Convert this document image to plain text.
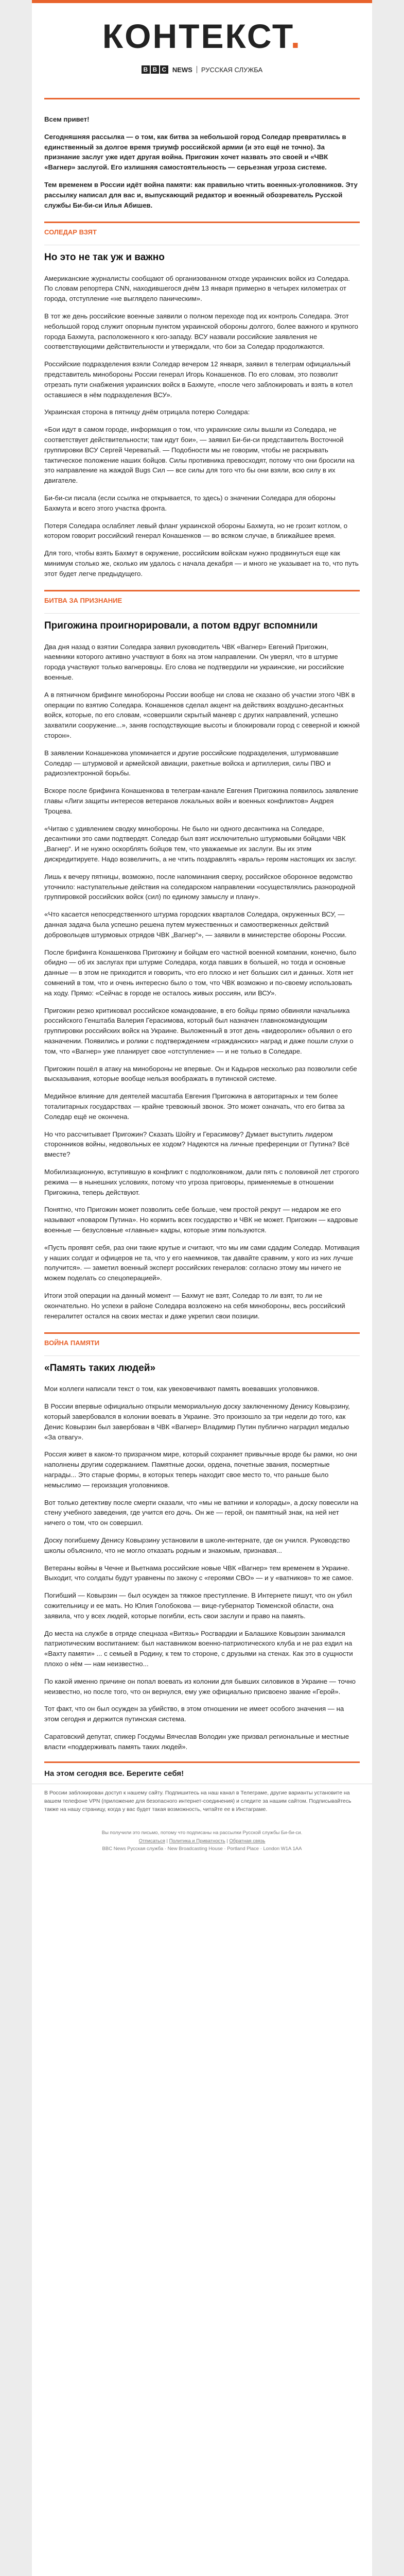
КОНТЕКСТ.
B B C NEWS РУССКАЯ СЛУЖБА

Всем привет!

Сегодняшняя рассылка — о том, как битва за небольшой город Соледар превратилась в единственный за долгое время триумф российской армии (и это ещё не точно). За признание заслуг уже идет другая война. Пригожин хочет назвать это своей и «ЧВК «Вагнер» заслугой. Его излишняя самостоятельность — серьезная угроза системе.

Тем временем в России идёт война памяти: как правильно чтить военных-уголовников. Эту рассылку написал для вас и, выпускающий редактор и военный обозреватель Русской службы Би-би-си Илья Абишев.

СОЛЕДАР ВЗЯТ
Но это не так уж и важно

Американские журналисты сообщают об организованном отходе украинских войск из Соледара. По словам репортера CNN, находившегося днём 13 января примерно в четырех километрах от города, отступление «не выглядело паническим».

В тот же день российские военные заявили о полном переходе под их контроль Соледара. Этот небольшой город служит опорным пунктом украинской обороны долгого, более важного и крупного города Бахмута, расположенного к юго-западу. ВСУ назвали российские заявления не соответствующими действительности и утверждали, что бои за Соледар продолжаются.

Российские подразделения взяли Соледар вечером 12 января, заявил в телеграм официальный представитель минобороны России генерал Игорь Конашенков. По его словам, это позволит отрезать пути снабжения украинских войск в Бахмуте, «после чего заблокировать и взять в котел оставшиеся в нём подразделения ВСУ».

Украинская сторона в пятницу днём отрицала потерю Соледара:

«Бои идут в самом городе, информация о том, что украинские силы вышли из Соледара, не соответствует действительности; там идут бои», — заявил Би-би-си представитель Восточной группировки ВСУ Сергей Череватый. — Подобности мы не говорим, чтобы не раскрывать тактическое положение наших бойцов. Силы противника превосходят, потому что они бросили на это направление на жаждой Bugs Сил — все силы для того что бы они взяли, всю силу в их двигателе.

Би-би-си писала (если ссылка не открывается, то здесь) о значении Соледара для обороны Бахмута и всего этого участка фронта.

Потеря Соледара ослабляет левый фланг украинской обороны Бахмута, но не грозит котлом, о котором говорит российский генерал Конашенков — во всяком случае, в ближайшее время.

Для того, чтобы взять Бахмут в окружение, российским войскам нужно продвинуться еще как минимум столько же, сколько им удалось с начала декабря — и много не указывает на то, что путь этот будет легче предыдущего.

БИТВА ЗА ПРИЗНАНИЕ
Пригожина проигнорировали, а потом вдруг вспомнили

Два дня назад о взятии Соледара заявил руководитель ЧВК «Вагнер» Евгений Пригожин, наемники которого активно участвуют в боях на этом направлении. Он уверял, что в штурме города участвуют только вагнеровцы. Его слова не подтвердили ни украинские, ни российские военные.

А в пятничном брифинге минобороны России вообще ни слова не сказано об участии этого ЧВК в операции по взятию Соледара. Конашенков сделал акцент на действиях воздушно-десантных войск, которые, по его словам, «совершили скрытый маневр с других направлений, успешно захватили сооружение...», заняв господствующие высоты и блокировали город с северной и южной сторон».

В заявлении Конашенкова упоминается и другие российские подразделения, штурмовавшие Соледар — штурмовой и армейской авиации, ракетные войска и артиллерия, силы ПВО и радиоэлектронной борьбы.

Вскоре после брифинга Конашенкова в телеграм-канале Евгения Пригожина появилось заявление главы «Лиги защиты интересов ветеранов локальных войн и военных конфликтов» Андрея Троцева.

«Читаю с удивлением сводку минобороны. Не было ни одного десантника на Соледаре, десантники это сами подтвердят. Соледар был взят исключительно штурмовыми бойцами ЧВК „Вагнер“. И не нужно оскорблять бойцов тем, что уважаемые их заслуги. Вы их этим дискредитируете. Надо возвеличить, а не чтить поздравлять «враль» героям настоящих их заслуг.

Лишь к вечеру пятницы, возможно, после напоминания сверху, российское оборонное ведомство уточнило: наступательные действия на соледарском направлении «осуществлялись разнородной группировкой российских войск (сил) по единому замыслу и плану».

«Что касается непосредственного штурма городских кварталов Соледара, окруженных ВСУ, — данная задача была успешно решена путем мужественных и самоотверженных действий добровольцев штурмовых отрядов ЧВК „Вагнер“», — заявили в министерстве обороны России.

После брифинга Конашенкова Пригожину и бойцам его частной военной компании, конечно, было обидно — об их заслугах при штурме Соледара, когда павших в большей, но тогда и основные данные — в этом не приходится и говорить, что его плоско и нет больших сил и данных. Хотя нет сомнений в том, что и очень интересно было о том, что ЧВК возможно и по-своему использовать на ходу. Прямо: «Сейчас в городе не осталось живых россиян, или ВСУ».

Пригожин резко критиковал российское командование, в его бойцы прямо обвиняли начальника российского Генштаба Валерия Герасимова, который был назначен главнокомандующим группировки российских войск на Украине. Выложенный в этот день «видеоролик» объявил о его назначении. Появились и ролики с подтверждением «гражданских» наград и даже пошли слухи о том, что «Вагнер» уже планирует свое «отступление» — и не только в Соледаре.

Пригожин пошёл в атаку на минобороны не впервые. Он и Кадыров несколько раз позволили себе высказывания, которые вообще нельзя воображать в путинской системе.

Медийное влияние для деятелей масштаба Евгения Пригожина в авторитарных и тем более тоталитарных государствах — крайне тревожный звонок. Это может означать, что его битва за Соледар ещё не окончена.

Но что рассчитывает Пригожин? Сказать Шойгу и Герасимову? Думает выступить лидером сторонников войны, недовольных ее ходом? Надеются на личные преференции от Путина? Всё вместе?

Мобилизационную, вступившую в конфликт с подполковником, дали пять с половиной лет строгого режима — в нынешних условиях, потому что угроза приговоры, применяемые в отношении Пригожина, теперь действуют.

Понятно, что Пригожин может позволить себе больше, чем простой рекрут — недаром же его называют «поваром Путина». Но кормить всех государство и ЧВК не может. Пригожин — кадровые военные — безусловные «главные» кадры, которые этим пользуются.

«Пусть проявят себя, раз они такие крутые и считают, что мы им сами сдадим Соледар. Мотивация у наших солдат и офицеров не та, что у его наемников, так давайте сравним, у кого из них лучше получится». — заметил военный эксперт российских генералов: согласно этому мы ничего не можем поделать со спецоперацией».

Итоги этой операции на данный момент — Бахмут не взят, Соледар то ли взят, то ли не окончательно. Но успехи в районе Соледара возложено на себя минобороны, весь российский генералитет остался на своих местах и даже укрепил свои позиции.

ВОЙНА ПАМЯТИ
«Память таких людей»

Мои коллеги написали текст о том, как увековечивают память воевавших уголовников.

В России впервые официально открыли мемориальную доску заключенному Денису Ковырзину, который завербовался в колонии воевать в Украине. Это произошло за три недели до того, как Денис Ковырзин был завербован в ЧВК «Вагнер» Владимир Путин публично наградил медалью «За отвагу».

Россия живет в каком-то призрачном мире, который сохраняет привычные вроде бы рамки, но они наполнены другим содержанием. Памятные доски, ордена, почетные звания, посмертные награды... Это старые формы, в которых теперь находит свое место то, что раньше было немыслимо — героизация уголовников.

Вот только детективу после смерти сказали, что «мы не ватники и колорады», а доску повесили на стену учебного заведения, где учится его дочь. Он же — герой, он памятный знак, на ней нет ничего о том, что он совершил.

Доску погибшему Денису Ковырзину установили в школе-интернате, где он учился. Руководство школы объяснило, что не могло отказать родным и знакомым, признавая...

Ветераны войны в Чечне и Вьетнама российские новые ЧВК «Вагнер» тем временем в Украине. Выходит, что солдаты будут уравнены по закону с «героями СВО» — и у «ватников» то же самое.

Погибший — Ковырзин — был осужден за тяжкое преступление. В Интернете пишут, что он убил сожительницу и ее мать. Но Юлия Голобокова — вице-губернатор Тюменской области, она заявила, что у всех людей, которые погибли, есть свои заслуги и право на память.

До места на службе в отряде спецназа «Витязь» Росгвардии и Балашихе Ковырзин занимался патриотическим воспитанием: был наставником военно-патриотического клуба и не раз ездил на «Вахту памяти» ... с семьей в Родину, к тем то стороне, с друзьями на стенах. Как это в сущности плохо о нём — нам неизвестно...

По какой именно причине он попал воевать из колонии для бывших силовиков в Украине — точно неизвестно, но после того, что он вернулся, ему уже официально присвоено звание «Герой».

Тот факт, что он был осужден за убийство, в этом отношении не имеет особого значения — на этом сегодня и держится путинская система.

Саратовский депутат, спикер Госдумы Вячеслав Володин уже призвал региональные и местные власти «поддерживать память таких людей».

На этом сегодня все. Берегите себя!
В России заблокирован доступ к нашему сайту. Подпишитесь на наш канал в Телеграме, другие варианты установите на вашем телефоне VPN (приложение для безопасного интернет-соединения) и следите за нашим сайтом. Подписывайтесь также на нашу страницу, когда у вас будет такая возможность, читайте ее в Инстаграме.
Вы получили это письмо, потому что подписаны на рассылки Русской службы Би-би-си.
Отписаться | Политика и Приватность | Обратная связь
BBC News Русская служба · New Broadcasting House · Portland Place · London W1A 1AA
